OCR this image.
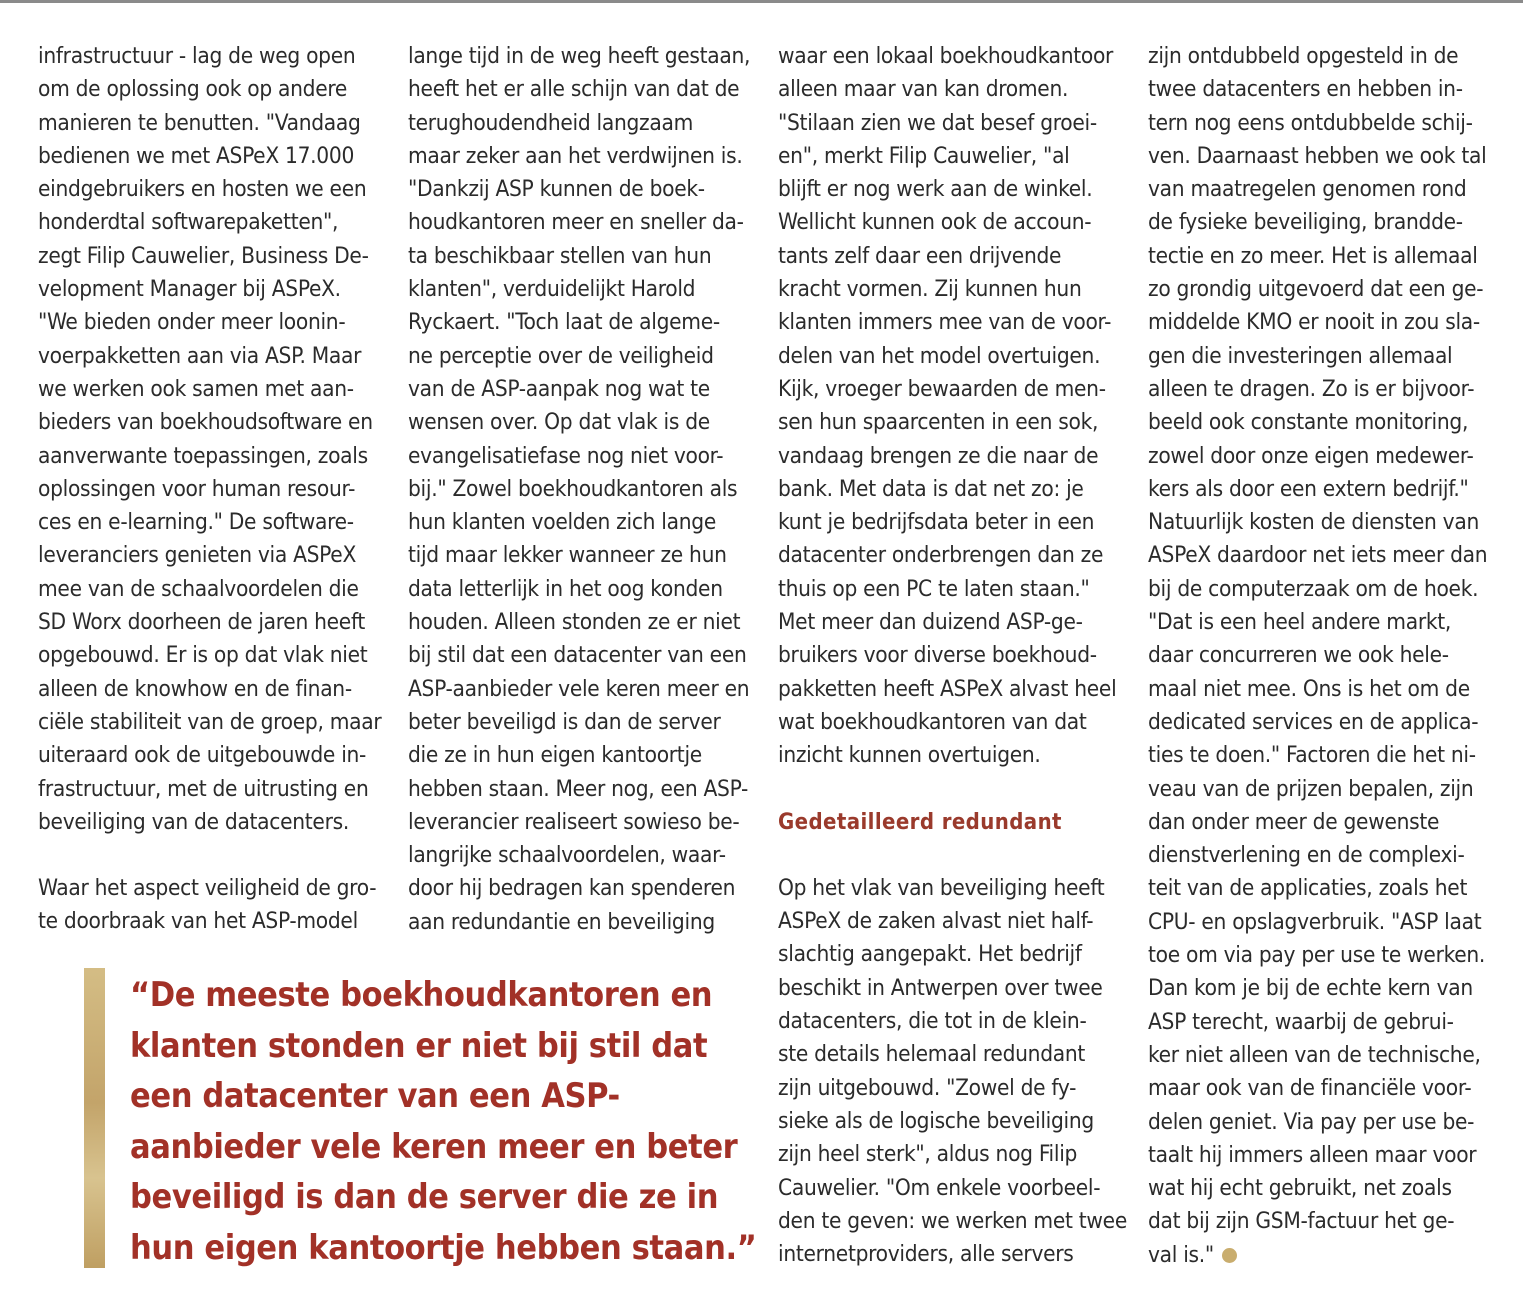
infrastructuur - lag de weg open

om de oplossing ook op andere

manieren te benutten. "Vandaag

bedienen we met ASPeX 17.000

eindgebruikers en hosten we een

honderdtal softwarepaketten",

zegt Filip Cauwelier, Business De-

velopment Manager bij ASPeX.

"We bieden onder meer loonin-

voerpakketten aan via ASP. Maar

we werken ook samen met aan-

bieders van boekhoudsoftware en

aanverwante toepassingen, zoals

oplossingen voor human resour-

ces en e-learning." De software-

leveranciers genieten via ASPeX

mee van de schaalvoordelen die

SD Worx doorheen de jaren heeft

opgebouwd. Er is op dat vlak niet

alleen de knowhow en de finan-

ciële stabiliteit van de groep, maar

uiteraard ook de uitgebouwde in-

frastructuur, met de uitrusting en

beveiliging van de datacenters.

Waar het aspect veiligheid de gro-

te doorbraak van het ASP-model

lange tijd in de weg heeft gestaan,

heeft het er alle schijn van dat de

terughoudendheid langzaam

maar zeker aan het verdwijnen is.

"Dankzij ASP kunnen de boek-

houdkantoren meer en sneller da-

ta beschikbaar stellen van hun

klanten", verduidelijkt Harold

Ryckaert. "Toch laat de algeme-

ne perceptie over de veiligheid

van de ASP-aanpak nog wat te

wensen over. Op dat vlak is de

evangelisatiefase nog niet voor-

bij." Zowel boekhoudkantoren als

hun klanten voelden zich lange

tijd maar lekker wanneer ze hun

data letterlijk in het oog konden

houden. Alleen stonden ze er niet

bij stil dat een datacenter van een

ASP-aanbieder vele keren meer en

beter beveiligd is dan de server

die ze in hun eigen kantoortje

hebben staan. Meer nog, een ASP-

leverancier realiseert sowieso be-

langrijke schaalvoordelen, waar-

door hij bedragen kan spenderen

aan redundantie en beveiliging

waar een lokaal boekhoudkantoor

alleen maar van kan dromen.

"Stilaan zien we dat besef groei-

en", merkt Filip Cauwelier, "al

blijft er nog werk aan de winkel.

Wellicht kunnen ook de accoun-

tants zelf daar een drijvende

kracht vormen. Zij kunnen hun

klanten immers mee van de voor-

delen van het model overtuigen.

Kijk, vroeger bewaarden de men-

sen hun spaarcenten in een sok,

vandaag brengen ze die naar de

bank. Met data is dat net zo: je

kunt je bedrijfsdata beter in een

datacenter onderbrengen dan ze

thuis op een PC te laten staan."

Met meer dan duizend ASP-ge-

bruikers voor diverse boekhoud-

pakketten heeft ASPeX alvast heel

wat boekhoudkantoren van dat

inzicht kunnen overtuigen.

Gedetailleerd redundant

Op het vlak van beveiliging heeft

ASPeX de zaken alvast niet half-

slachtig aangepakt. Het bedrijf

beschikt in Antwerpen over twee

datacenters, die tot in de klein-

ste details helemaal redundant

zijn uitgebouwd. "Zowel de fy-

sieke als de logische beveiliging

zijn heel sterk", aldus nog Filip

Cauwelier. "Om enkele voorbeel-

den te geven: we werken met twee

internetproviders, alle servers

zijn ontdubbeld opgesteld in de

twee datacenters en hebben in-

tern nog eens ontdubbelde schij-

ven. Daarnaast hebben we ook tal

van maatregelen genomen rond

de fysieke beveiliging, brandde-

tectie en zo meer. Het is allemaal

zo grondig uitgevoerd dat een ge-

middelde KMO er nooit in zou sla-

gen die investeringen allemaal

alleen te dragen. Zo is er bijvoor-

beeld ook constante monitoring,

zowel door onze eigen medewer-

kers als door een extern bedrijf."

Natuurlijk kosten de diensten van

ASPeX daardoor net iets meer dan

bij de computerzaak om de hoek.

"Dat is een heel andere markt,

daar concurreren we ook hele-

maal niet mee. Ons is het om de

dedicated services en de applica-

ties te doen." Factoren die het ni-

veau van de prijzen bepalen, zijn

dan onder meer de gewenste

dienstverlening en de complexi-

teit van de applicaties, zoals het

CPU- en opslagverbruik. "ASP laat

toe om via pay per use te werken.

Dan kom je bij de echte kern van

ASP terecht, waarbij de gebrui-

ker niet alleen van de technische,

maar ook van de financiële voor-

delen geniet. Via pay per use be-

taalt hij immers alleen maar voor

wat hij echt gebruikt, net zoals

dat bij zijn GSM-factuur het ge-

val is."

“De meeste boekhoudkantoren en

klanten stonden er niet bij stil dat

een datacenter van een ASP-

aanbieder vele keren meer en beter

beveiligd is dan de server die ze in

hun eigen kantoortje hebben staan.”
